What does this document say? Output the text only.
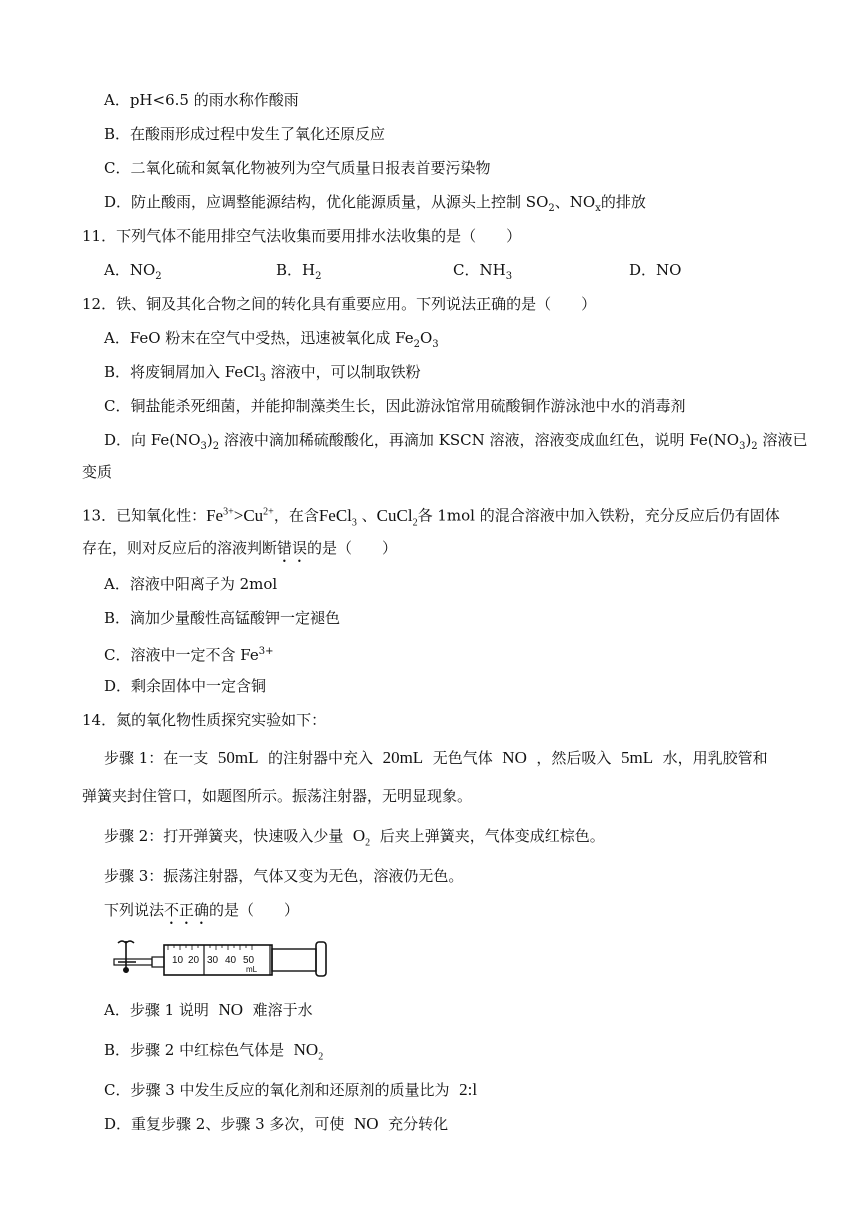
A．pH<6.5 的雨水称作酸雨
B．在酸雨形成过程中发生了氧化还原反应
C．二氧化硫和氮氧化物被列为空气质量日报表首要污染物
D．防止酸雨，应调整能源结构，优化能源质量，从源头上控制 $SO_2$、$NO_x$的排放
11．下列气体不能用排空气法收集而要用排水法收集的是（　　）
A．$NO_2$	B．$H_2$	C．$NH_3$	D．NO
12．铁、铜及其化合物之间的转化具有重要应用。下列说法正确的是（　　）
A．FeO 粉末在空气中受热，迅速被氧化成 $Fe_2O_3$
B．将废铜屑加入 FeCl$_3$ 溶液中，可以制取铁粉
C．铜盐能杀死细菌，并能抑制藻类生长，因此游泳馆常用硫酸铜作游泳池中水的消毒剂
D．向 $Fe(NO_3)_2$ 溶液中滴加稀硫酸酸化，再滴加 KSCN 溶液，溶液变成血红色，说明 $Fe(NO_3)_2$ 溶液已
变质
13．已知氧化性：$Fe^{3+}>Cu^{2+}$，在含FeCl$_3$ 、CuCl$_2$各 1mol 的混合溶液中加入铁粉，充分反应后仍有固体
存在，则对反应后的溶液判断错误的是（　　）
A．溶液中阳离子为 2mol
B．滴加少量酸性高锰酸钾一定褪色
C．溶液中一定不含 $Fe^{3+}$
D．剩余固体中一定含铜
14．氮的氧化物性质探究实验如下：
步骤 1：在一支 50mL 的注射器中充入 20mL 无色气体 NO ，然后吸入 5mL 水，用乳胶管和
弹簧夹封住管口，如题图所示。振荡注射器，无明显现象。
步骤 2：打开弹簧夹，快速吸入少量 $O_2$ 后夹上弹簧夹，气体变成红棕色。
步骤 3：振荡注射器，气体又变为无色，溶液仍无色。
下列说法不正确的是（　　）
10 20 30 40 50
mL
A．步骤 1 说明 NO 难溶于水
B．步骤 2 中红棕色气体是 $NO_2$
C．步骤 3 中发生反应的氧化剂和还原剂的质量比为 2:l
D．重复步骤 2、步骤 3 多次，可使 NO 充分转化
